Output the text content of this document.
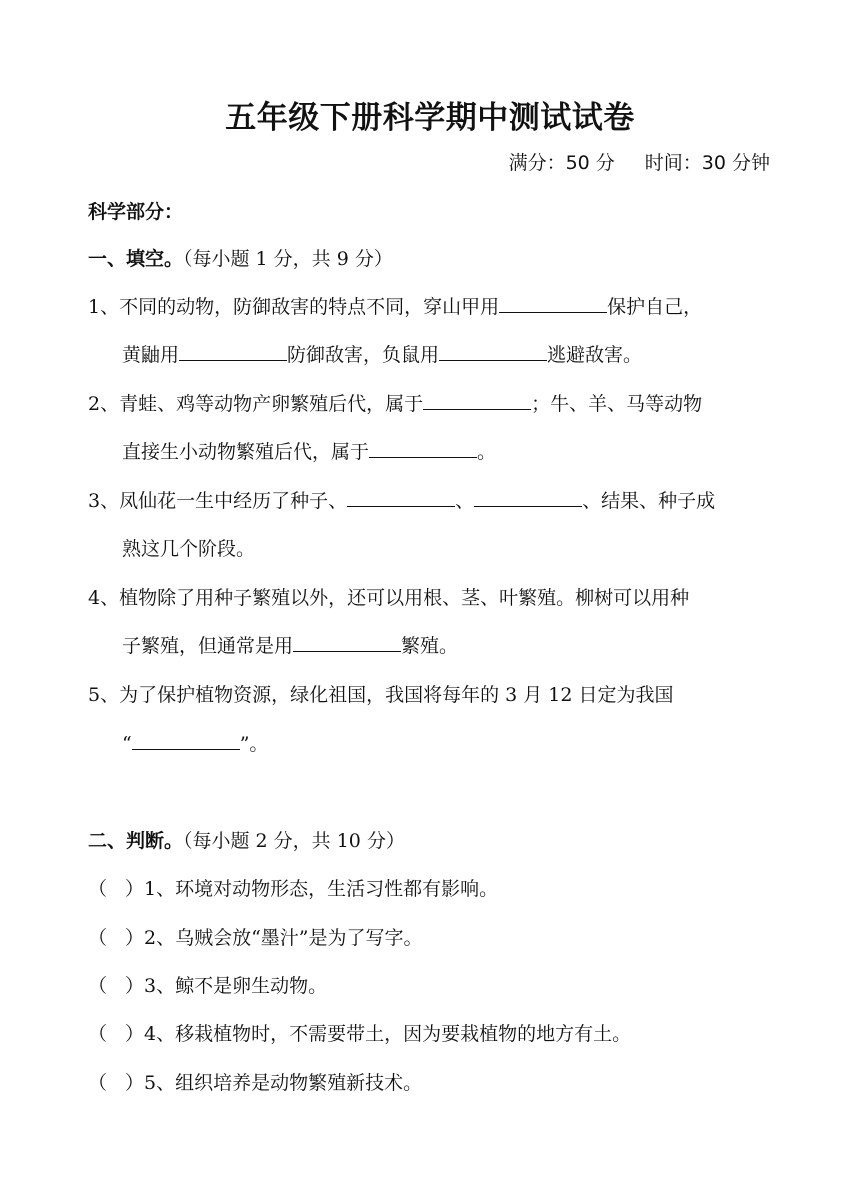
五年级下册科学期中测试试卷
满分：50 分 时间：30 分钟
科学部分：
一、填空。（每小题 1 分，共 9 分）
1、不同的动物，防御敌害的特点不同，穿山甲用	保护自己，
黄鼬用	防御敌害，负鼠用	逃避敌害。
2、青蛙、鸡等动物产卵繁殖后代，属于	；牛、羊、马等动物
直接生小动物繁殖后代，属于	。
3、凤仙花一生中经历了种子、	、	、结果、种子成
熟这几个阶段。
4、植物除了用种子繁殖以外，还可以用根、茎、叶繁殖。柳树可以用种
子繁殖，但通常是用	繁殖。
5、为了保护植物资源，绿化祖国，我国将每年的 3 月 12 日定为我国
“	”。
二、判断。（每小题 2 分，共 10 分）
（ ）1、环境对动物形态，生活习性都有影响。
（ ）2、乌贼会放“墨汁”是为了写字。
（ ）3、鲸不是卵生动物。
（ ）4、移栽植物时，不需要带土，因为要栽植物的地方有土。
（ ）5、组织培养是动物繁殖新技术。
